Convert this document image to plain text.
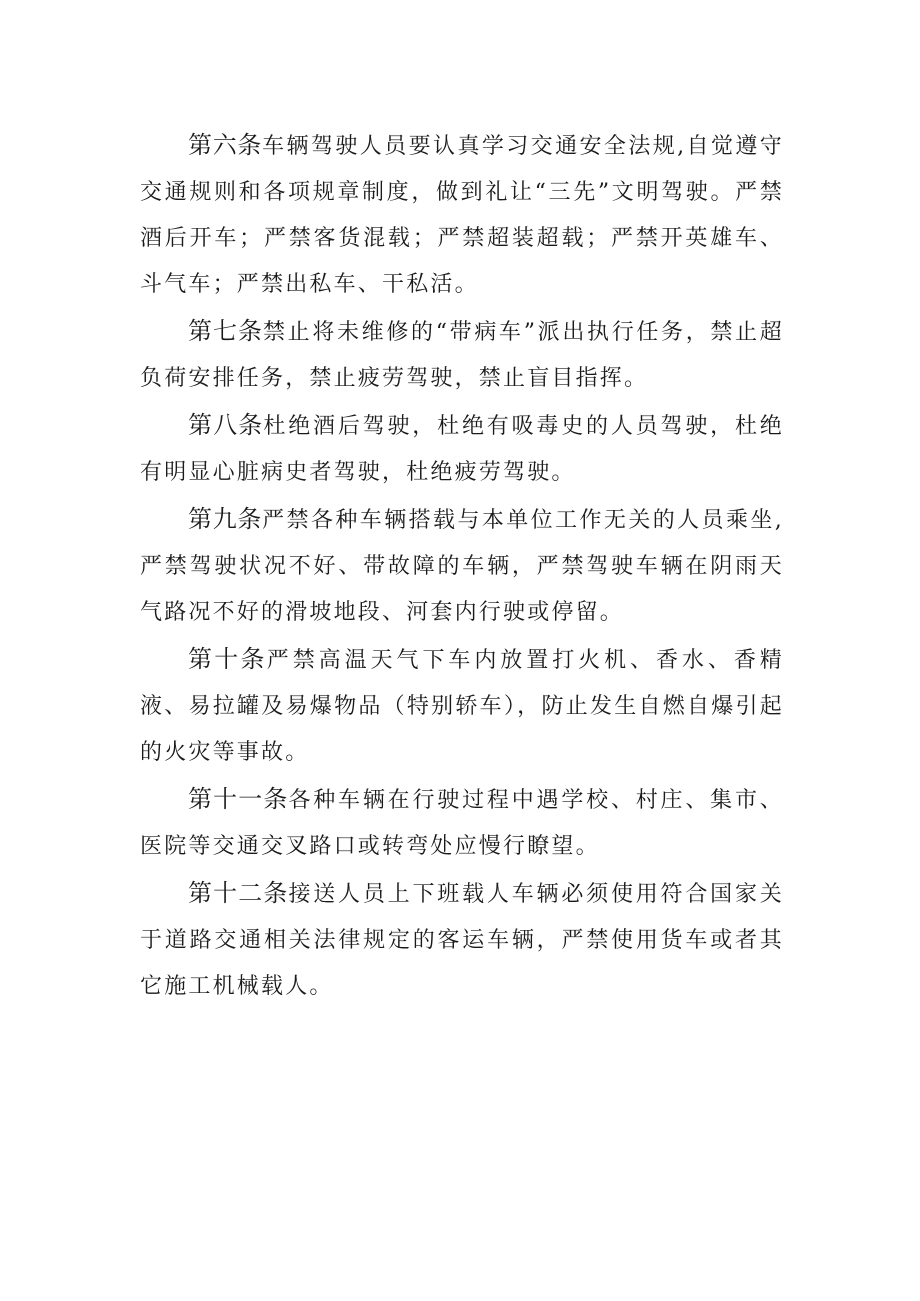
第六条车辆驾驶人员要认真学习交通安全法规,自觉遵守交通规则和各项规章制度，做到礼让“三先”文明驾驶。严禁酒后开车；严禁客货混载；严禁超装超载；严禁开英雄车、斗气车；严禁出私车、干私活。

第七条禁止将未维修的“带病车”派出执行任务，禁止超负荷安排任务，禁止疲劳驾驶，禁止盲目指挥。

第八条杜绝酒后驾驶，杜绝有吸毒史的人员驾驶，杜绝有明显心脏病史者驾驶，杜绝疲劳驾驶。

第九条严禁各种车辆搭载与本单位工作无关的人员乘坐,严禁驾驶状况不好、带故障的车辆，严禁驾驶车辆在阴雨天气路况不好的滑坡地段、河套内行驶或停留。

第十条严禁高温天气下车内放置打火机、香水、香精液、易拉罐及易爆物品（特别轿车），防止发生自燃自爆引起的火灾等事故。

第十一条各种车辆在行驶过程中遇学校、村庄、集市、医院等交通交叉路口或转弯处应慢行瞭望。

第十二条接送人员上下班载人车辆必须使用符合国家关于道路交通相关法律规定的客运车辆，严禁使用货车或者其它施工机械载人。
